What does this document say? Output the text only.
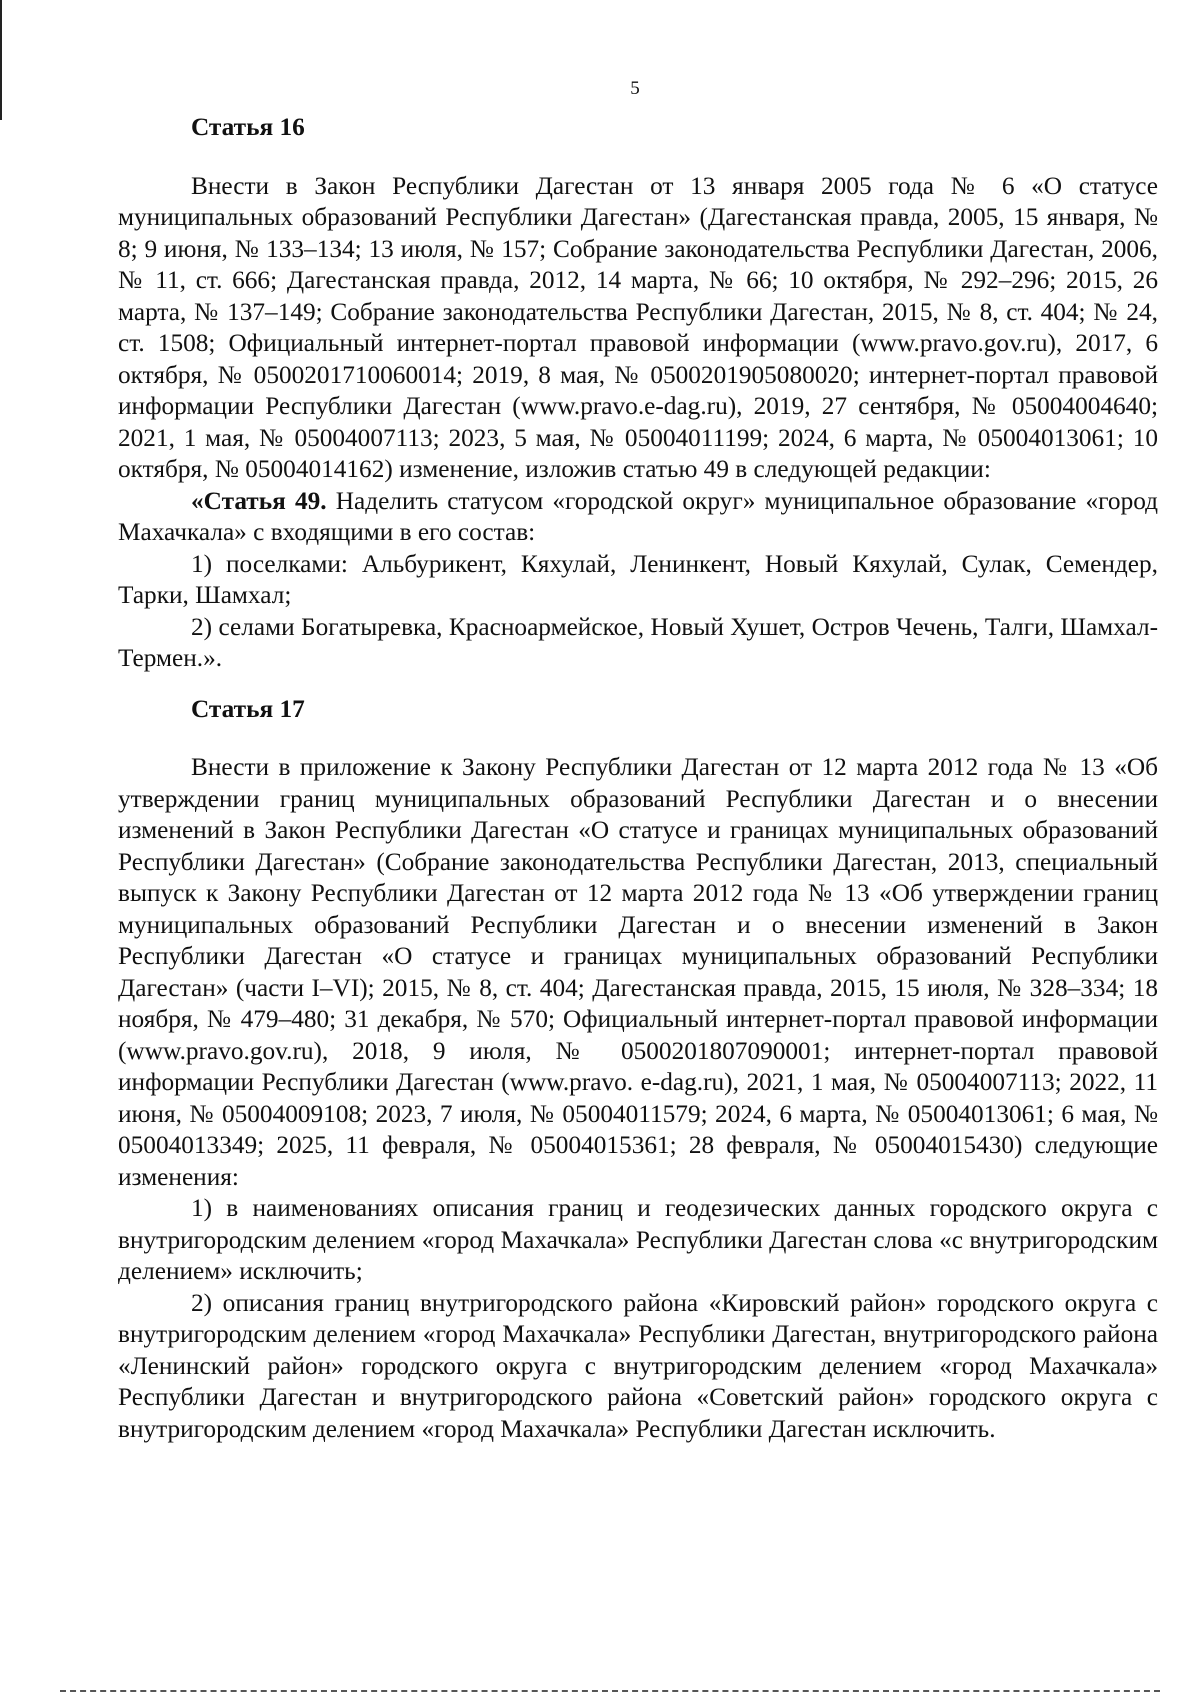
5
Статья 16

Внести в Закон Республики Дагестан от 13 января 2005 года № 6 «О статусе муниципальных образований Республики Дагестан» (Дагестанская правда, 2005, 15 января, № 8; 9 июня, № 133–134; 13 июля, № 157; Собрание законодательства Республики Дагестан, 2006, № 11, ст. 666; Дагестанская правда, 2012, 14 марта, № 66; 10 октября, № 292–296; 2015, 26 марта, № 137–149; Собрание законодательства Республики Дагестан, 2015, № 8, ст. 404; № 24, ст. 1508; Официальный интернет-портал правовой информации (www.pravo.gov.ru), 2017, 6 октября, № 0500201710060014; 2019, 8 мая, № 0500201905080020; интернет-портал правовой информации Республики Дагестан (www.pravo.e-dag.ru), 2019, 27 сентября, № 05004004640; 2021, 1 мая, № 05004007113; 2023, 5 мая, № 05004011199; 2024, 6 марта, № 05004013061; 10 октября, № 05004014162) изменение, изложив статью 49 в следующей редакции:

«Статья 49. Наделить статусом «городской округ» муниципальное образование «город Махачкала» с входящими в его состав:

1) поселками: Альбурикент, Кяхулай, Ленинкент, Новый Кяхулай, Сулак, Семендер, Тарки, Шамхал;

2) селами Богатыревка, Красноармейское, Новый Хушет, Остров Чечень, Талги, Шамхал-Термен.».

Статья 17

Внести в приложение к Закону Республики Дагестан от 12 марта 2012 года № 13 «Об утверждении границ муниципальных образований Республики Дагестан и о внесении изменений в Закон Республики Дагестан «О статусе и границах муниципальных образований Республики Дагестан» (Собрание законодательства Республики Дагестан, 2013, специальный выпуск к Закону Республики Дагестан от 12 марта 2012 года № 13 «Об утверждении границ муниципальных образований Республики Дагестан и о внесении изменений в Закон Республики Дагестан «О статусе и границах муниципальных образований Республики Дагестан» (части I–VI); 2015, № 8, ст. 404; Дагестанская правда, 2015, 15 июля, № 328–334; 18 ноября, № 479–480; 31 декабря, № 570; Официальный интернет-портал правовой информации (www.pravo.gov.ru), 2018, 9 июля, № 0500201807090001; интернет-портал правовой информации Республики Дагестан (www.pravo. e-dag.ru), 2021, 1 мая, № 05004007113; 2022, 11 июня, № 05004009108; 2023, 7 июля, № 05004011579; 2024, 6 марта, № 05004013061; 6 мая, № 05004013349; 2025, 11 февраля, № 05004015361; 28 февраля, № 05004015430) следующие изменения:

1) в наименованиях описания границ и геодезических данных городского округа с внутригородским делением «город Махачкала» Республики Дагестан слова «с внутригородским делением» исключить;

2) описания границ внутригородского района «Кировский район» городского округа с внутригородским делением «город Махачкала» Республики Дагестан, внутригородского района «Ленинский район» городского округа с внутригородским делением «город Махачкала» Республики Дагестан и внутригородского района «Советский район» городского округа с внутригородским делением «город Махачкала» Республики Дагестан исключить.
